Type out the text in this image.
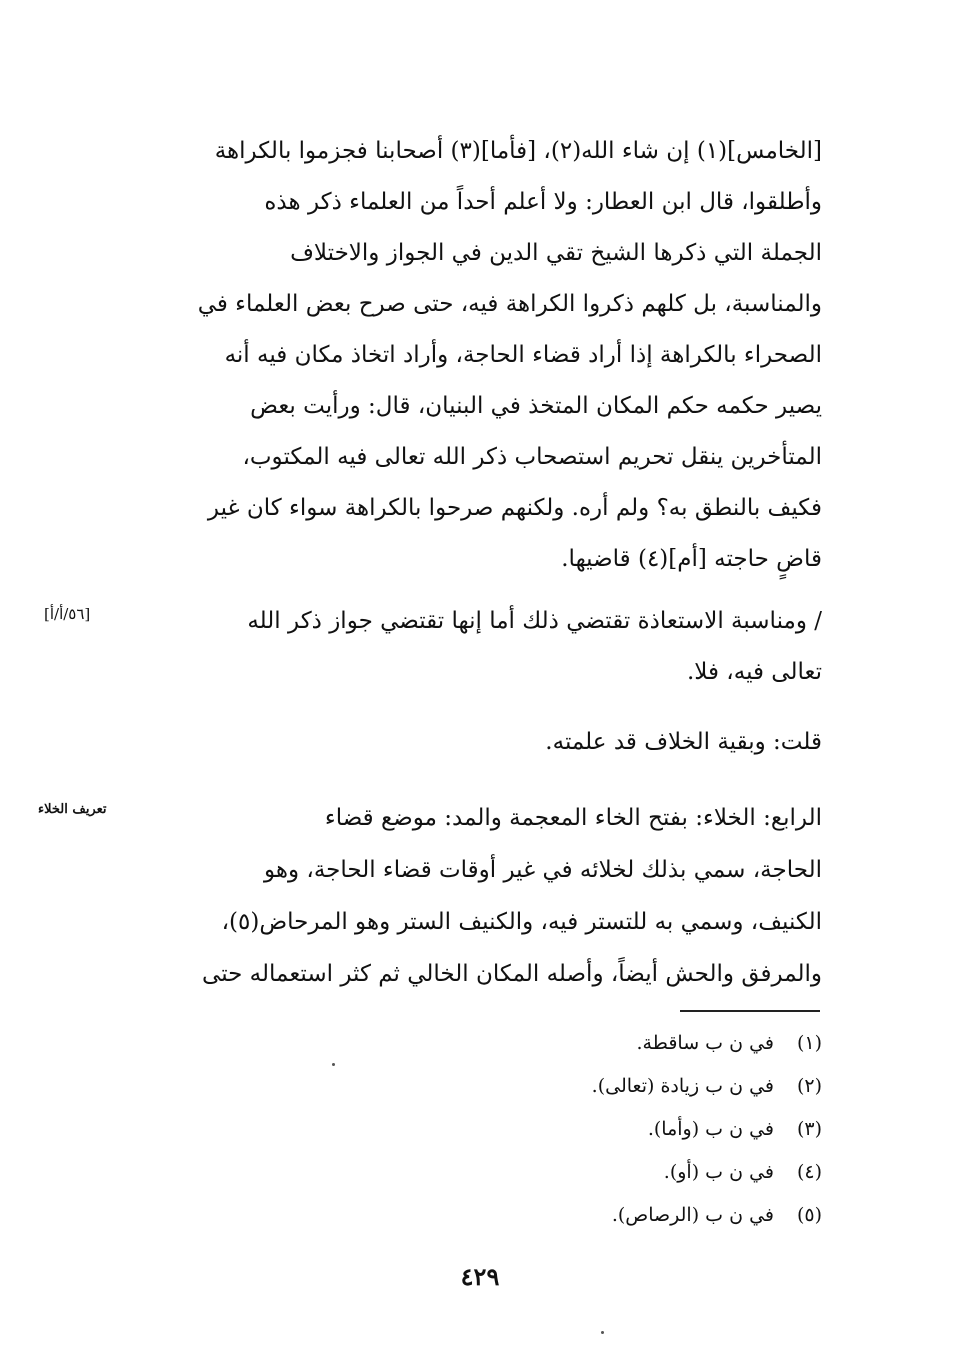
[الخامس](١) إن شاء الله(٢)، [فأما](٣) أصحابنا فجزموا بالكراهة
وأطلقوا، قال ابن العطار: ولا أعلم أحداً من العلماء ذكر هذه
الجملة التي ذكرها الشيخ تقي الدين في الجواز والاختلاف
والمناسبة، بل كلهم ذكروا الكراهة فيه، حتى صرح بعض العلماء في
الصحراء بالكراهة إذا أراد قضاء الحاجة، وأراد اتخاذ مكان فيه أنه
يصير حكمه حكم المكان المتخذ في البنيان، قال: ورأيت بعض
المتأخرين ينقل تحريم استصحاب ذكر الله تعالى فيه المكتوب،
فكيف بالنطق به؟ ولم أره. ولكنهم صرحوا بالكراهة سواء كان غير
قاضٍ حاجته [أم](٤) قاضيها.
[٥٦/أ/أ]	/ ومناسبة الاستعاذة تقتضي ذلك أما إنها تقتضي جواز ذكر الله
تعالى فيه، فلا.
قلت: وبقية الخلاف قد علمته.
تعريف الخلاء	الرابع: الخلاء: بفتح الخاء المعجمة والمد: موضع قضاء
الحاجة، سمي بذلك لخلائه في غير أوقات قضاء الحاجة، وهو
الكنيف، وسمي به للتستر فيه، والكنيف الستر وهو المرحاض(٥)،
والمرفق والحش أيضاً، وأصله المكان الخالي ثم كثر استعماله حتى
(١)في ن ب ساقطة.
(٢)في ن ب زيادة (تعالى).
(٣)في ن ب (وأما).
(٤)في ن ب (أو).
(٥)في ن ب (الرصاص).
٤٢٩
